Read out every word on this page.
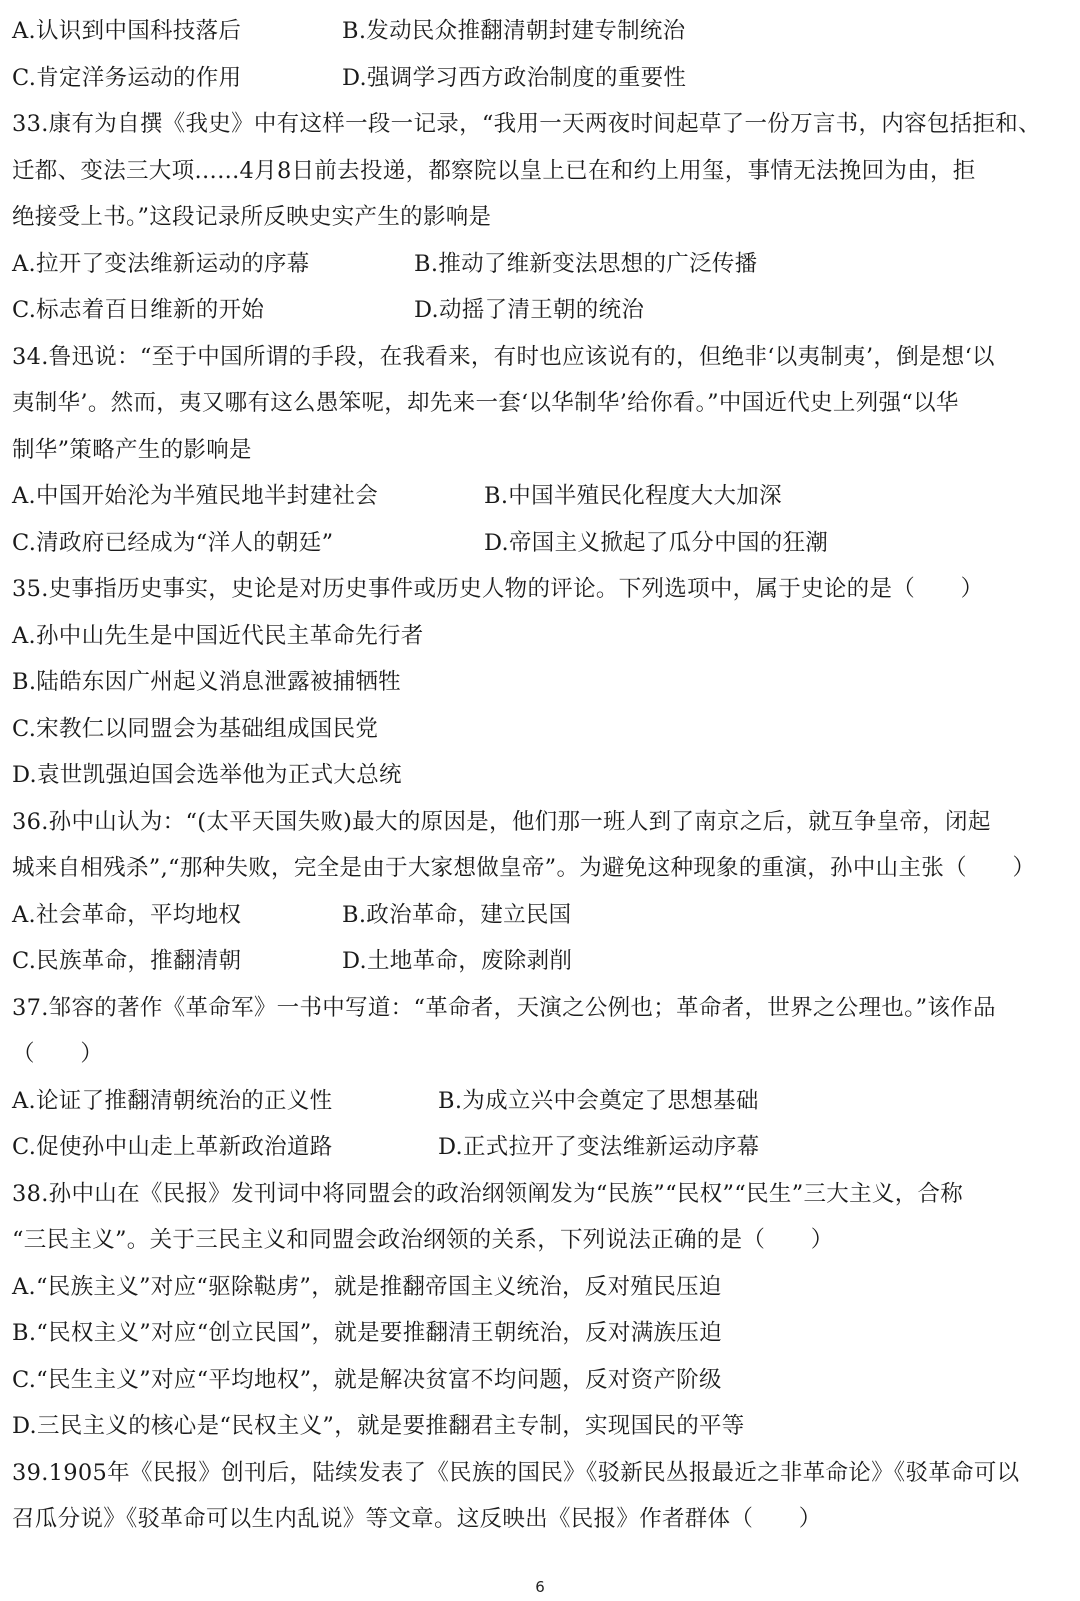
A.认识到中国科技落后	B.发动民众推翻清朝封建专制统治
C.肯定洋务运动的作用	D.强调学习西方政治制度的重要性
33.康有为自撰《我史》中有这样一段一记录，“我用一天两夜时间起草了一份万言书，内容包括拒和、
迁都、变法三大项…...4月8日前去投递，都察院以皇上已在和约上用玺，事情无法挽回为由，拒
绝接受上书。”这段记录所反映史实产生的影响是
A.拉开了变法维新运动的序幕	B.推动了维新变法思想的广泛传播
C.标志着百日维新的开始	D.动摇了清王朝的统治
34.鲁迅说：“至于中国所谓的手段，在我看来，有时也应该说有的，但绝非‘以夷制夷’，倒是想‘以
夷制华’。然而，夷又哪有这么愚笨呢，却先来一套‘以华制华’给你看。”中国近代史上列强“以华
制华”策略产生的影响是
A.中国开始沦为半殖民地半封建社会	B.中国半殖民化程度大大加深
C.清政府已经成为“洋人的朝廷”	D.帝国主义掀起了瓜分中国的狂潮
35.史事指历史事实，史论是对历史事件或历史人物的评论。下列选项中，属于史论的是（　　）
A.孙中山先生是中国近代民主革命先行者
B.陆皓东因广州起义消息泄露被捕牺牲
C.宋教仁以同盟会为基础组成国民党
D.袁世凯强迫国会选举他为正式大总统
36.孙中山认为：“(太平天国失败)最大的原因是，他们那一班人到了南京之后，就互争皇帝，闭起
城来自相残杀”,“那种失败，完全是由于大家想做皇帝”。为避免这种现象的重演，孙中山主张（　　）
A.社会革命，平均地权	B.政治革命，建立民国
C.民族革命，推翻清朝	D.土地革命，废除剥削
37.邹容的著作《革命军》一书中写道：“革命者，天演之公例也；革命者，世界之公理也。”该作品
（　　）
A.论证了推翻清朝统治的正义性	B.为成立兴中会奠定了思想基础
C.促使孙中山走上革新政治道路	D.正式拉开了变法维新运动序幕
38.孙中山在《民报》发刊词中将同盟会的政治纲领阐发为“民族”“民权”“民生”三大主义，合称
“三民主义”。关于三民主义和同盟会政治纲领的关系，下列说法正确的是（　　）
A.“民族主义”对应“驱除鞑虏”，就是推翻帝国主义统治，反对殖民压迫
B.“民权主义”对应“创立民国”，就是要推翻清王朝统治，反对满族压迫
C.“民生主义”对应“平均地权”，就是解决贫富不均问题，反对资产阶级
D.三民主义的核心是“民权主义”，就是要推翻君主专制，实现国民的平等
39.1905年《民报》创刊后，陆续发表了《民族的国民》《驳新民丛报最近之非革命论》《驳革命可以
召瓜分说》《驳革命可以生内乱说》等文章。这反映出《民报》作者群体（　　）
6
